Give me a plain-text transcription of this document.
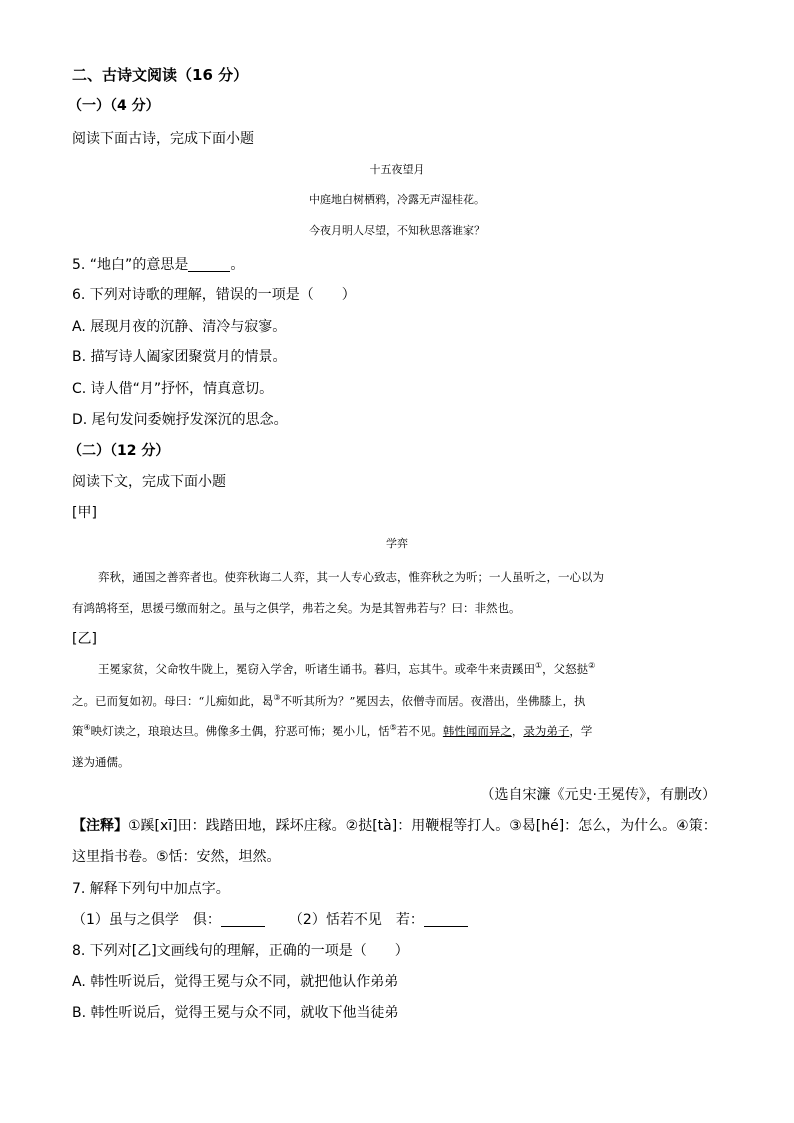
二、古诗文阅读（16 分）
（一）（4 分）
阅读下面古诗，完成下面小题
十五夜望月
中庭地白树栖鸦，冷露无声湿桂花。
今夜月明人尽望，不知秋思落谁家？
5. “地白”的意思是	。
6. 下列对诗歌的理解，错误的一项是（　　）
A. 展现月夜的沉静、清冷与寂寥。
B. 描写诗人阖家团聚赏月的情景。
C. 诗人借“月”抒怀，情真意切。
D. 尾句发问委婉抒发深沉的思念。
（二）（12 分）
阅读下文，完成下面小题
[甲]
学弈
弈秋，通国之善弈者也。使弈秋诲二人弈，其一人专心致志，惟弈秋之为听；一人虽听之，一心以为
有鸿鹄将至，思援弓缴而射之。虽与之俱学，弗若之矣。为是其智弗若与？曰：非然也。
[乙]
王冕家贫，父命牧牛陇上，冕窃入学舍，听诸生诵书。暮归，忘其牛。或牵牛来责蹊田①，父怒挞②
之。已而复如初。母曰：“儿痴如此，曷③不听其所为？”冕因去，依僧寺而居。夜潜出，坐佛膝上，执
策④映灯读之，琅琅达旦。佛像多土偶，狞恶可怖；冕小儿，恬⑤若不见。韩性闻而异之，录为弟子，学
遂为通儒。
（选自宋濂《元史·王冕传》，有删改）
【注释】①蹊[xī]田：践踏田地，踩坏庄稼。②挞[tà]：用鞭棍等打人。③曷[hé]：怎么，为什么。④策：
这里指书卷。⑤恬：安然，坦然。
7. 解释下列句中加点字。
（1）虽与之俱学　俱：	（2）恬若不见　若：
8. 下列对[乙]文画线句的理解，正确的一项是（　　）
A. 韩性听说后，觉得王冕与众不同，就把他认作弟弟
B. 韩性听说后，觉得王冕与众不同，就收下他当徒弟
